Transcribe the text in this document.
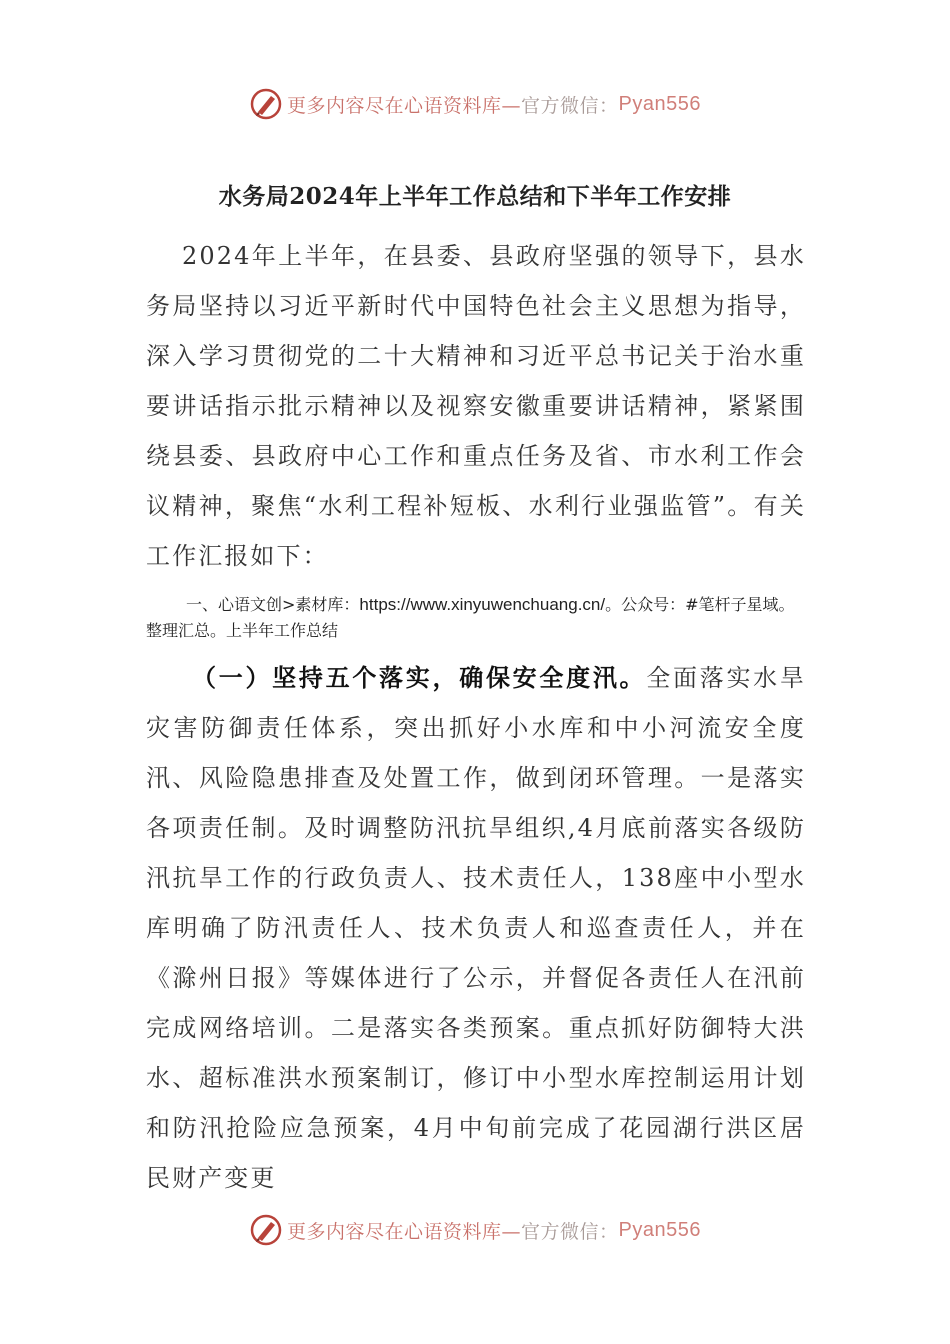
更多内容尽在心语资料库— 官方微信： Pyan556
水务局2024年上半年工作总结和下半年工作安排

2024年上半年，在县委、县政府坚强的领导下，县水务局坚持以习近平新时代中国特色社会主义思想为指导，深入学习贯彻党的二十大精神和习近平总书记关于治水重要讲话指示批示精神以及视察安徽重要讲话精神，紧紧围绕县委、县政府中心工作和重点任务及省、市水利工作会议精神，聚焦“水利工程补短板、水利行业强监管”。有关工作汇报如下：

一、心语文创>素材库：https://www.xinyuwenchuang.cn/。公众号：#笔杆子星域。整理汇总。上半年工作总结

（一）坚持五个落实，确保安全度汛。全面落实水旱灾害防御责任体系，突出抓好小水库和中小河流安全度汛、风险隐患排查及处置工作，做到闭环管理。一是落实各项责任制。及时调整防汛抗旱组织,4月底前落实各级防汛抗旱工作的行政负责人、技术责任人，138座中小型水库明确了防汛责任人、技术负责人和巡查责任人，并在《滁州日报》等媒体进行了公示，并督促各责任人在汛前完成网络培训。二是落实各类预案。重点抓好防御特大洪水、超标准洪水预案制订，修订中小型水库控制运用计划和防汛抢险应急预案，4月中旬前完成了花园湖行洪区居民财产变更

更多内容尽在心语资料库— 官方微信： Pyan556
